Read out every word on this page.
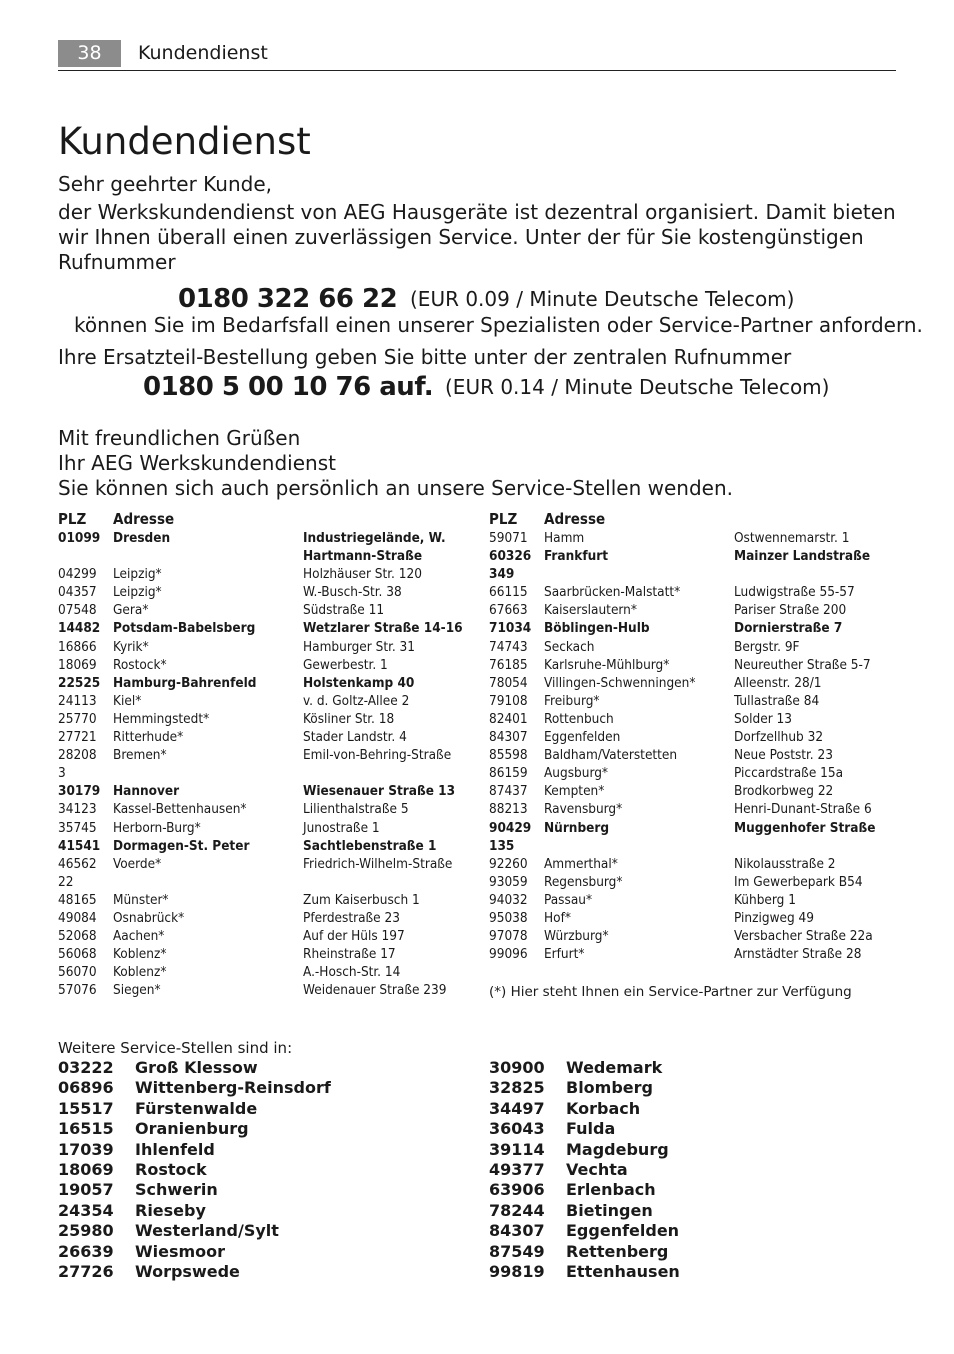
38	Kundendienst
Kundendienst

Sehr geehrter Kunde,

der Werkskundendienst von AEG Hausgeräte ist dezentral organisiert. Damit bieten wir Ihnen überall einen zuverlässigen Service. Unter der für Sie kostengünstigen Rufnummer

0180 322 66 22 (EUR 0.09 / Minute Deutsche Telecom)

können Sie im Bedarfsfall einen unserer Spezialisten oder Service-Partner anfordern.

Ihre Ersatzteil-Bestellung geben Sie bitte unter der zentralen Rufnummer

0180 5 00 10 76 auf. (EUR 0.14 / Minute Deutsche Telecom)

Mit freundlichen Grüßen

Ihr AEG Werkskundendienst

Sie können sich auch persönlich an unsere Service-Stellen wenden.

PLZ	Adresse	
01099	Dresden	Industriegelände, W. Hartmann-Straße
04299	Leipzig*	Holzhäuser Str. 120
04357	Leipzig*	W.-Busch-Str. 38
07548	Gera*	Südstraße 11
14482	Potsdam-Babelsberg	Wetzlarer Straße 14-16
16866	Kyrik*	Hamburger Str. 31
18069	Rostock*	Gewerbestr. 1
22525	Hamburg-Bahrenfeld	Holstenkamp 40
24113	Kiel*	v. d. Goltz-Allee 2
25770	Hemmingstedt*	Kösliner Str. 18
27721	Ritterhude*	Stader Landstr. 4
28208	Bremen*	Emil-von-Behring-Straße
3		
30179	Hannover	Wiesenauer Straße 13
34123	Kassel-Bettenhausen*	Lilienthalstraße 5
35745	Herborn-Burg*	Junostraße 1
41541	Dormagen-St. Peter	Sachtlebenstraße 1
46562	Voerde*	Friedrich-Wilhelm-Straße
22		
48165	Münster*	Zum Kaiserbusch 1
49084	Osnabrück*	Pferdestraße 23
52068	Aachen*	Auf der Hüls 197
56068	Koblenz*	Rheinstraße 17
56070	Koblenz*	A.-Hosch-Str. 14
57076	Siegen*	Weidenauer Straße 239
PLZ	Adresse	
59071	Hamm	Ostwennemarstr. 1
60326	Frankfurt	Mainzer Landstraße
349		
66115	Saarbrücken-Malstatt*	Ludwigstraße 55-57
67663	Kaiserslautern*	Pariser Straße 200
71034	Böblingen-Hulb	Dornierstraße 7
74743	Seckach	Bergstr. 9F
76185	Karlsruhe-Mühlburg*	Neureuther Straße 5-7
78054	Villingen-Schwenningen*	Alleenstr. 28/1
79108	Freiburg*	Tullastraße 84
82401	Rottenbuch	Solder 13
84307	Eggenfelden	Dorfzellhub 32
85598	Baldham/Vaterstetten	Neue Poststr. 23
86159	Augsburg*	Piccardstraße 15a
87437	Kempten*	Brodkorbweg 22
88213	Ravensburg*	Henri-Dunant-Straße 6
90429	Nürnberg	Muggenhofer Straße
135		
92260	Ammerthal*	Nikolausstraße 2
93059	Regensburg*	Im Gewerbepark B54
94032	Passau*	Kühberg 1
95038	Hof*	Pinzigweg 49
97078	Würzburg*	Versbacher Straße 22a
99096	Erfurt*	Arnstädter Straße 28
(*) Hier steht Ihnen ein Service-Partner zur Verfügung
Weitere Service-Stellen sind in:
03222	Groß Klessow
06896	Wittenberg-Reinsdorf
15517	Fürstenwalde
16515	Oranienburg
17039	Ihlenfeld
18069	Rostock
19057	Schwerin
24354	Rieseby
25980	Westerland/Sylt
26639	Wiesmoor
27726	Worpswede
30900	Wedemark
32825	Blomberg
34497	Korbach
36043	Fulda
39114	Magdeburg
49377	Vechta
63906	Erlenbach
78244	Bietingen
84307	Eggenfelden
87549	Rettenberg
99819	Ettenhausen
